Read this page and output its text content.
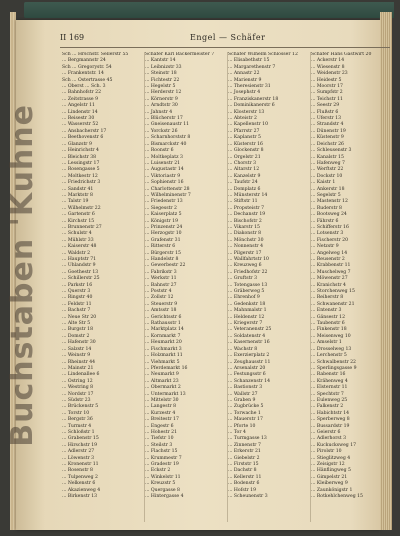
Buchstaben 'Kuhne
II 169	Engel — Schäfer
Sch ... Hrschstr. Sellerstr 55
... Bergmannstr 24
Sch ... Gregorystr. 54
... Frankentstr. 14
Sch ... Ostertrasse 45
... Oberst ... Sch. 3
... Bahnhofstr 22
... Zeitstrasse 9
... Angelstr 11
... Lindenstr 14
... Reisestr 30
... Wasserstr 52
... Ansbacherstr 17
... Beethovenstr 6
... Glanzstr 9
... Heinrichstr 4
... Bleichstr 38
... Lessingstr 17
... Rosengasse 5
... Moltkestr 12
... Friedrichstr 3
... Sandstr 41
... Marktstr 8
... Talstr 19
... Wilhelmstr 22
... Gartenstr 6
... Kirchstr 15
... Brunnenstr 27
... Schulstr 4
... Mühlstr 33
... Kaiserstr 48
... Waldstr 2
... Hauptstr 71
... Uhlandstr 9
... Goethestr 13
... Schillerstr 25
... Parkstr 16
... Querstr 3
... Ringstr 40
... Feldstr 11
... Bachstr 7
... Neue Str 20
... Alte Str 5
... Burgstr 18
... Domstr 2
... Hafenstr 30
... Salzstr 14
... Weinstr 9
... Rheinstr 44
... Mainstr 21
... Lindenallee 6
... Ostring 12
... Westring 8
... Nordstr 17
... Südstr 23
... Brückenstr 5
... Torstr 10
... Bergstr 36
... Turmstr 4
... Schloßstr 1
... Grabenstr 15
... Hirschstr 19
... Adlerstr 27
... Löwenstr 3
... Kronenstr 11
... Rosenstr 8
... Tulpenweg 2
... Nelkenstr 6
... Akazienweg 4
... Birkenstr 13
Schäfer Karl Bäckermeister 7
... Kantstr 14
... Leibnizstr 33
... Steinstr 18
... Fichtestr 22
... Hegelstr 5
... Herderstr 12
... Körnerstr 9
... Arndtstr 30
... Jahnstr 4
... Blücherstr 17
... Gneisenaustr 11
... Yorckstr 26
... Scharnhorststr 8
... Bismarckstr 40
... Roonstr 6
... Moltkeplatz 3
... Luisenstr 21
... Augustastr 14
... Viktoriastr 9
... Sophienstr 16
... Charlottenstr 28
... Wilhelminenstr 7
... Friedenstr 13
... Siegesstr 2
... Kaiserplatz 5
... Königstr 19
... Prinzenstr 24
... Herzogstr 10
... Grafenstr 31
... Ritterstr 6
... Bürgerstr 15
... Handelstr 8
... Gewerbestr 22
... Fabrikstr 3
... Werkstr 11
... Bahnstr 27
... Poststr 4
... Zollstr 12
... Steuerstr 9
... Amtsstr 18
... Gerichtsstr 6
... Rathausstr 1
... Marktplatz 14
... Kornmarkt 7
... Heumarkt 20
... Fischmarkt 3
... Holzmarkt 11
... Viehmarkt 5
... Pferdemarkt 16
... Neumarkt 9
... Altmarkt 23
... Obermarkt 2
... Untermarkt 13
... Mittelstr 30
... Langestr 8
... Kurzestr 4
... Breitestr 17
... Engestr 6
... Hohestr 21
... Tiefstr 10
... Steilstr 3
... Flachstr 15
... Krummestr 7
... Gradestr 19
... Eckstr 2
... Winkelstr 11
... Kreuzstr 5
... Quergasse 8
... Hintergasse 4
Schäfer Wilhelm Schlosser 12
... Elisabethstr 15
... Margarethenstr 7
... Annastr 22
... Marienstr 9
... Theresienstr 31
... Josephstr 4
... Franziskanerstr 18
... Dominikanerstr 6
... Klosterstr 13
... Abteistr 2
... Kapellenstr 10
... Pfarrstr 27
... Kaplanstr 5
... Küsterstr 16
... Glockenstr 8
... Orgelstr 21
... Chorstr 3
... Altarstr 12
... Kanzelstr 9
... Taufstr 24
... Domplatz 6
... Münsterstr 14
... Stiftstr 11
... Propsteistr 7
... Dechanstr 19
... Bischofstr 2
... Vikarstr 15
... Diakonstr 8
... Mönchstr 30
... Nonnenstr 4
... Pilgerstr 17
... Wallfahrtstr 10
... Kreuzweg 6
... Friedhofstr 22
... Gruftstr 3
... Totengasse 13
... Gräberweg 5
... Ehrenhof 9
... Gedenkstr 18
... Mahnmalstr 1
... Heldenstr 12
... Kriegerstr 7
... Veteranenstr 25
... Soldatenstr 4
... Kasernenstr 16
... Wachstr 8
... Exerzierplatz 2
... Zeughausstr 11
... Arsenalstr 20
... Festungsstr 6
... Schanzenstr 14
... Bastionstr 3
... Wallstr 27
... Graben 9
... Zugbrücke 5
... Torwache 1
... Mauerstr 17
... Pforte 10
... Tor 4
... Turmgasse 13
... Zinnenstr 7
... Erkerstr 21
... Giebelstr 2
... Firststr 15
... Dachstr 8
... Kellerstr 11
... Bodenstr 6
... Hofstr 19
... Scheunenstr 3
Schäfer Hans Gastwirt 20
... Ackerstr 14
... Wiesenstr 8
... Weidenstr 23
... Heidestr 5
... Moorstr 17
... Sumpfstr 2
... Teichstr 11
... Seestr 29
... Flußstr 6
... Uferstr 13
... Strandstr 4
... Dünenstr 19
... Küstenstr 9
... Deichstr 26
... Schleusenstr 3
... Kanalstr 15
... Hafenweg 7
... Werftstr 22
... Dockstr 10
... Kaistr 1
... Ankerstr 18
... Segelstr 5
... Mastenstr 12
... Ruderstr 8
... Bootsweg 24
... Fährstr 6
... Schifferstr 16
... Lotsenstr 3
... Fischerstr 20
... Netzstr 9
... Angelweg 14
... Reusenstr 2
... Krabbenstr 11
... Muschelweg 7
... Möwenstr 27
... Kranichstr 4
... Storchenweg 15
... Reiherstr 8
... Schwanenstr 21
... Entenstr 3
... Gänsestr 12
... Taubenstr 6
... Finkenstr 18
... Meisenweg 10
... Amselstr 1
... Drosselweg 13
... Lerchenstr 5
... Schwalbenstr 22
... Sperlingsgasse 9
... Rabenstr 16
... Krähenweg 4
... Elsternstr 11
... Spechtstr 7
... Eulenweg 25
... Falkenstr 2
... Habichtstr 14
... Sperberweg 8
... Bussardstr 19
... Geierstr 6
... Adlerhorst 3
... Kuckucksweg 17
... Pirolstr 10
... Stieglitzweg 4
... Zeisigstr 12
... Hänflingweg 5
... Gimpelstr 21
... Kleiberweg 9
... Zaunkönigstr 1
... Rotkehlchenweg 15
